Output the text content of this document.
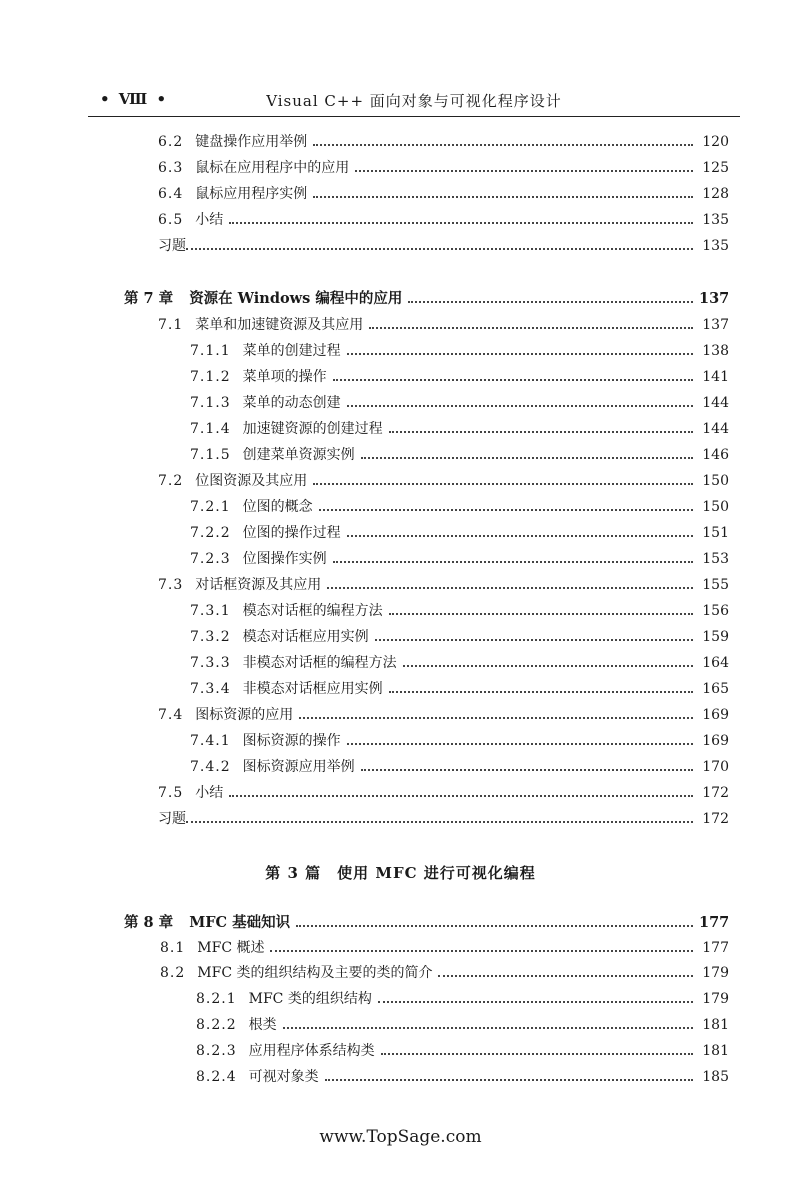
• Ⅷ •	Visual C++ 面向对象与可视化程序设计
6.2 键盘操作应用举例	120
6.3 鼠标在应用程序中的应用	125
6.4 鼠标应用程序实例	128
6.5 小结	135
习题	135
第 7 章 资源在 Windows 编程中的应用	137
7.1 菜单和加速键资源及其应用	137
7.1.1 菜单的创建过程	138
7.1.2 菜单项的操作	141
7.1.3 菜单的动态创建	144
7.1.4 加速键资源的创建过程	144
7.1.5 创建菜单资源实例	146
7.2 位图资源及其应用	150
7.2.1 位图的概念	150
7.2.2 位图的操作过程	151
7.2.3 位图操作实例	153
7.3 对话框资源及其应用	155
7.3.1 模态对话框的编程方法	156
7.3.2 模态对话框应用实例	159
7.3.3 非模态对话框的编程方法	164
7.3.4 非模态对话框应用实例	165
7.4 图标资源的应用	169
7.4.1 图标资源的操作	169
7.4.2 图标资源应用举例	170
7.5 小结	172
习题	172
第 3 篇　使用 MFC 进行可视化编程
第 8 章 MFC 基础知识	177
8.1 MFC 概述	177
8.2 MFC 类的组织结构及主要的类的简介	179
8.2.1 MFC 类的组织结构	179
8.2.2 根类	181
8.2.3 应用程序体系结构类	181
8.2.4 可视对象类	185
www.TopSage.com
